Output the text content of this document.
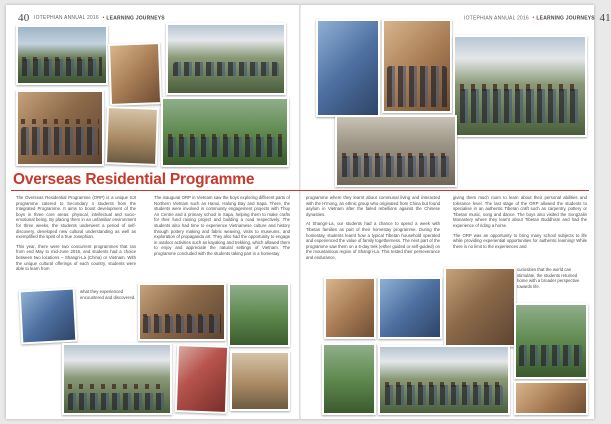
40 IOTEPHIAN ANNUAL 2016 • LEARNING JOURNEYS	IOTEPHIAN ANNUAL 2016 • LEARNING JOURNEYS 41
Overseas Residential Programme

The Overseas Residential Programme (ORP) is a unique SJI programme catered to Secondary 4 students from the Integrated Programme. It aims to boost development of the boys in three core areas: physical, intellectual and socio-emotional being. By placing them in an unfamiliar environment for three weeks, the students underwent a period of self-discovery, developed new cultural understanding as well as exemplified the spirit of a true Josephian.

This year, there were two concurrent programmes that ran from end May to mid-June 2016, and students had a choice between two locations – Shangri-La (China) or Vietnam. With the unique cultural offerings of each country, students were able to learn from

what they experienced encountered and discovered.

The inaugural ORP in Vietnam saw the boys exploring different parts of Northern Vietnam such as Hanoi, Halong Bay and Sapa. There, the students were involved in community engagement projects with Thuy An Centre and a primary school in Sapa, helping them to make crafts for their fund raising project and building a road respectively. The students also had time to experience Vietnamese culture and history through pottery making and fabric weaving, visits to museums, and exploration of propaganda art. They also had the opportunity to engage in outdoor activities such as kayaking and trekking, which allowed them to enjoy and appreciate the natural settings of Vietnam. The programme concluded with the students taking part in a homestay

programme where they learnt about communal living and interacted with the H'mong, an ethnic group who originated from China but found asylum in Vietnam after the failed rebellions against the Chinese dynasties.

At Shangri-La, our students had a chance to spend a week with Tibetan families as part of their homestay programme. During the homestay, students learnt how a typical Tibetan household operated and experienced the value of family togetherness. The next part of the programme saw them on a 5-day trek (either guided or self-guided) on the mountainous region of Shangri-La. This tested their perseverance and endurance,

giving them much room to learn about their personal abilities and tolerance level. The last stage of the ORP allowed the students to specialise in an authentic Tibetan craft such as carpentry, pottery or Tibetan music, song and dance. The boys also visited the Songzalin Monastery where they learnt about Tibetan Buddhism and had the experience of riding a horse.

The ORP was an opportunity to bring many school subjects to life while providing experiential opportunities for authentic learning! While there is no limit to the experiences and

curiosities that the world can stimulate, the students returned home with a broader perspective towards life.
